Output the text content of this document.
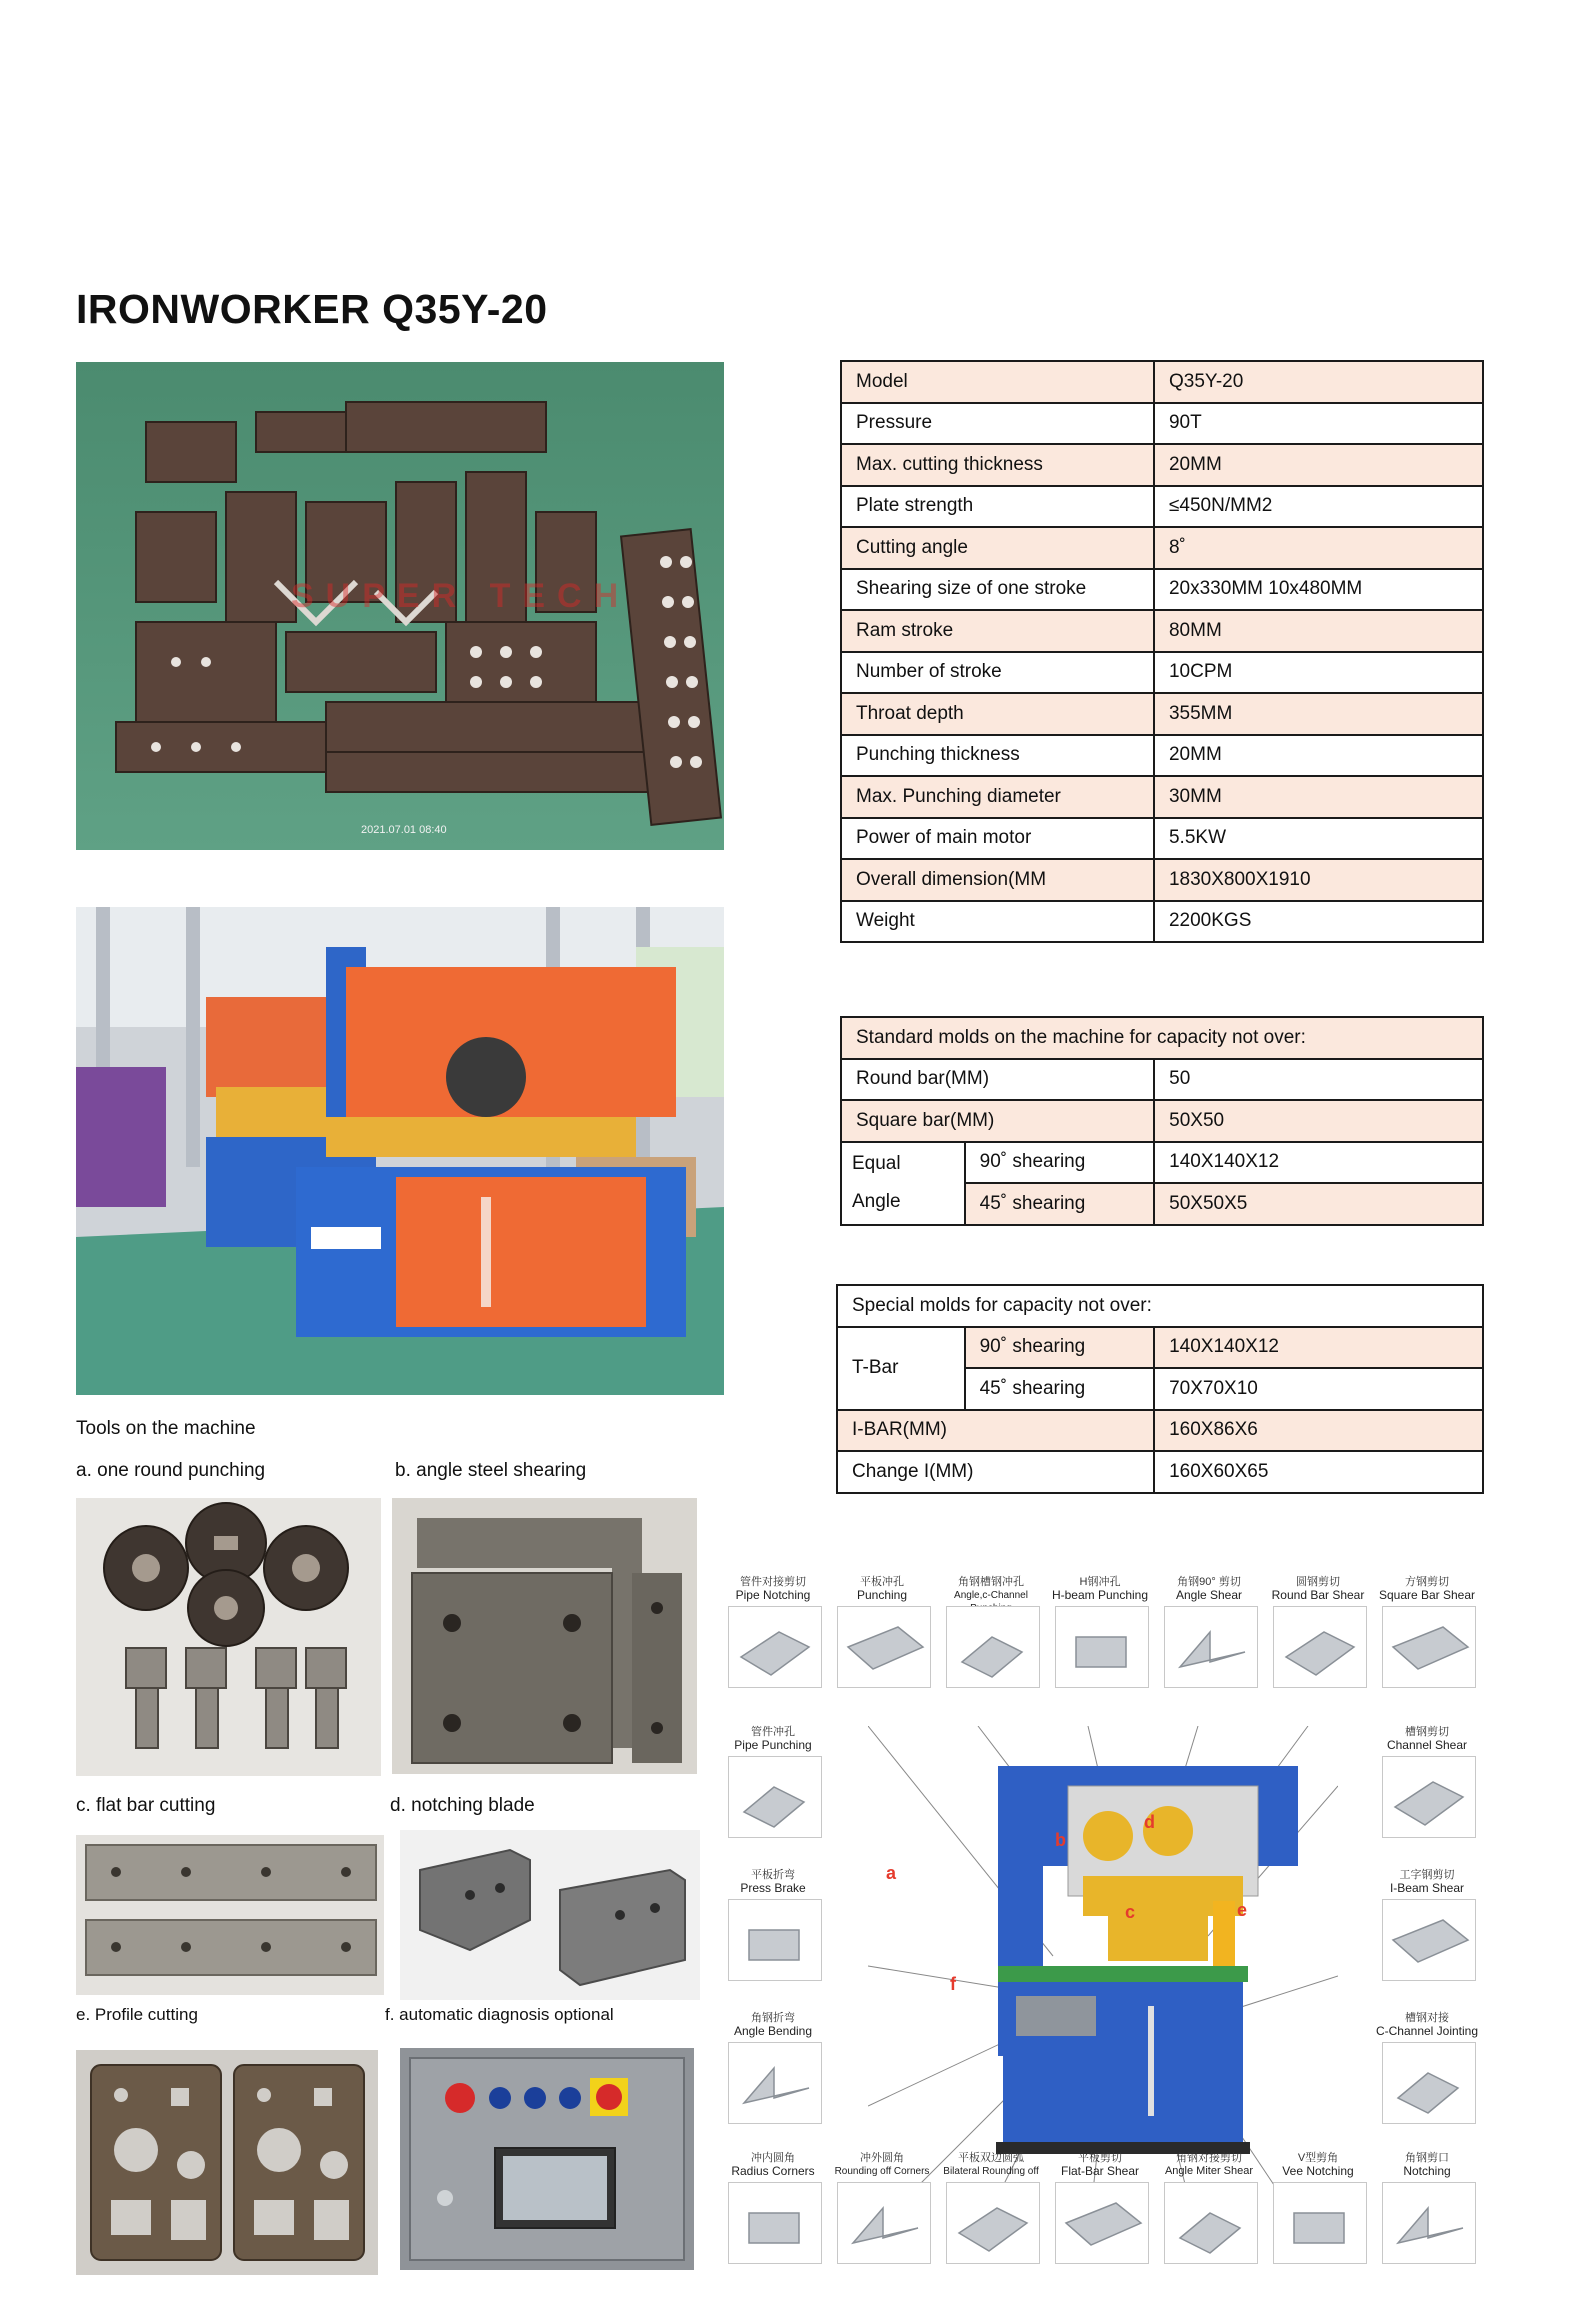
IRONWORKER Q35Y-20
SUPER TECH
2021.07.01 08:40
Model	Q35Y-20
Pressure	90T
Max. cutting thickness	20MM
Plate strength	≤450N/MM2
Cutting angle	8˚
Shearing size of one stroke	20x330MM 10x480MM
Ram stroke	80MM
Number of stroke	10CPM
Throat depth	355MM
Punching thickness	20MM
Max. Punching diameter	30MM
Power of main motor	5.5KW
Overall dimension(MM	1830X800X1910
Weight	2200KGS
Standard molds on the machine for capacity not over:		
Round bar(MM)		50
Square bar(MM)		50X50

Equal
Angle	90˚ shearing	140X140X12
	45˚ shearing	50X50X5
Special molds for capacity not over:		
T-Bar	90˚ shearing	140X140X12
	45˚ shearing	70X70X10
I-BAR(MM)		160X86X6
Change I(MM)		160X60X65
Tools on the machine
a. one round punching	b. angle steel shearing
c. flat bar cutting	d. notching blade
e. Profile cutting	f. automatic diagnosis optional
a
b
c
d
e
f
管件对接剪切
Pipe Notching
平板冲孔
Punching
角钢槽钢冲孔
Angle,c-Channel
H钢冲孔
H-beam Punching
角钢90° 剪切
Angle Shear
圆钢剪切
Round Bar Shear
方钢剪切
Square Bar Shear
管件冲孔
Pipe Punching
平板折弯
Press Brake
角钢折弯
Angle Bending
槽钢剪切
Channel Shear
工字钢剪切
I-Beam Shear
槽钢对接
C-Channel Jointing
冲内圆角
Radius Corners
冲外圆角
Rounding off Corners
平板双边圆弧
Bilateral Rounding off
平板剪切
Flat-Bar Shear
角钢对接剪切
Angle Miter Shear
V型剪角
Vee Notching
角钢剪口
Notching
